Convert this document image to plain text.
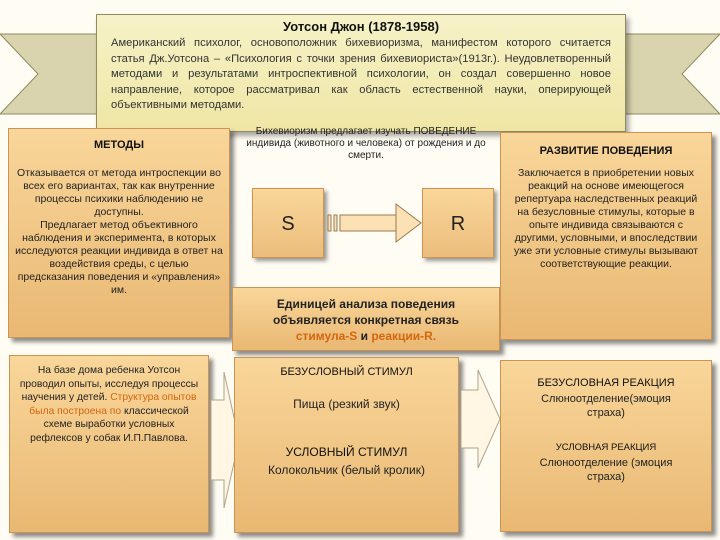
Уотсон Джон (1878-1958)
Американский психолог, основоположник бихевиоризма, манифестом которого считается статья Дж.Уотсона – «Психология с точки зрения бихевиориста»(1913г.). Неудовлетворенный методами и результатами интроспективной психологии, он создал совершенно новое направление, которое рассматривал как область естественной науки, оперирующей объективными методами.
МЕТОДЫ
Отказывается от метода интроспекции во всех его вариантах, так как внутренние процессы психики наблюдению не доступны.
Предлагает метод объективного наблюдения и эксперимента, в которых исследуются реакции индивида в ответ на воздействия среды, с целью предсказания поведения и «управления» им.
Бихевиоризм предлагает изучать ПОВЕДЕНИЕ индивида (животного и человека) от рождения и до смерти.
S	R
Единицей анализа поведения
объявляется конкретная связь
стимула-S и реакции-R.
РАЗВИТИЕ ПОВЕДЕНИЯ
Заключается в приобретении новых реакций на основе имеющегося репертуара наследственных реакций на безусловные стимулы, которые в опыте индивида связываются с другими, условными, и впоследствии уже эти условные стимулы вызывают соответствующие реакции.
На базе дома ребенка Уотсон проводил опыты, исследуя процессы научения у детей. Структура опытов была построена по классической схеме выработки условных рефлексов у собак И.П.Павлова.
БЕЗУСЛОВНЫЙ СТИМУЛ
Пища (резкий звук)
УСЛОВНЫЙ СТИМУЛ
Колокольчик (белый кролик)
БЕЗУСЛОВНАЯ РЕАКЦИЯ
Слюноотделение(эмоция страха)
УСЛОВНАЯ РЕАКЦИЯ
Слюноотделение (эмоция страха)
